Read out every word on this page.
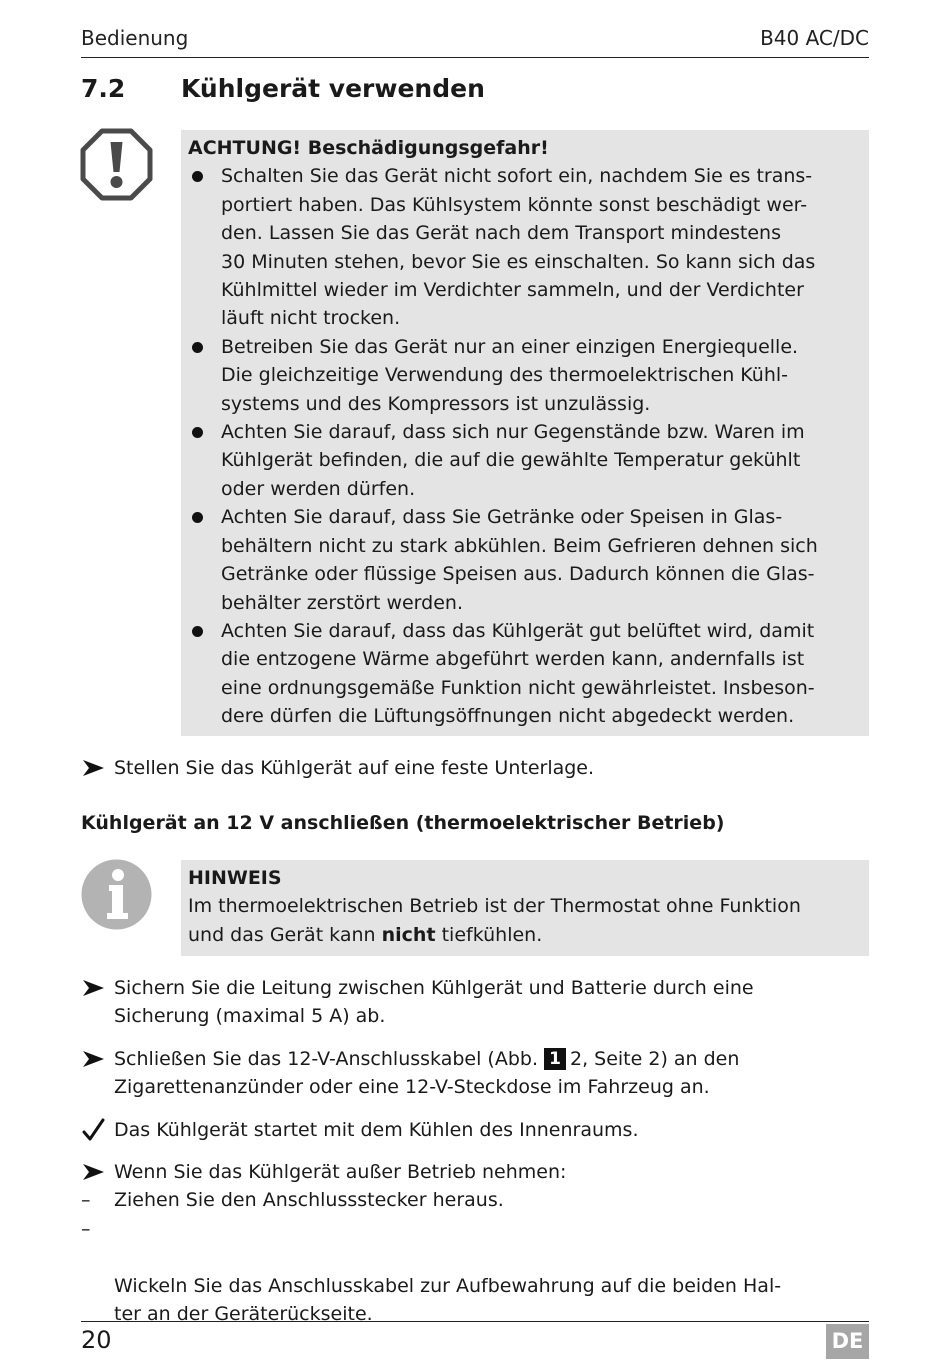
Bedienung	B40 AC/DC
7.2 Kühlgerät verwenden
ACHTUNG! Beschädigungsgefahr!
Schalten Sie das Gerät nicht sofort ein, nachdem Sie es trans-
portiert haben. Das Kühlsystem könnte sonst beschädigt wer-
den. Lassen Sie das Gerät nach dem Transport mindestens
30 Minuten stehen, bevor Sie es einschalten. So kann sich das
Kühlmittel wieder im Verdichter sammeln, und der Verdichter
läuft nicht trocken.
Betreiben Sie das Gerät nur an einer einzigen Energiequelle.
Die gleichzeitige Verwendung des thermoelektrischen Kühl-
systems und des Kompressors ist unzulässig.
Achten Sie darauf, dass sich nur Gegenstände bzw. Waren im
Kühlgerät befinden, die auf die gewählte Temperatur gekühlt
oder werden dürfen.
Achten Sie darauf, dass Sie Getränke oder Speisen in Glas-
behältern nicht zu stark abkühlen. Beim Gefrieren dehnen sich
Getränke oder flüssige Speisen aus. Dadurch können die Glas-
behälter zerstört werden.
Achten Sie darauf, dass das Kühlgerät gut belüftet wird, damit
die entzogene Wärme abgeführt werden kann, andernfalls ist
eine ordnungsgemäße Funktion nicht gewährleistet. Insbeson-
dere dürfen die Lüftungsöffnungen nicht abgedeckt werden.
Stellen Sie das Kühlgerät auf eine feste Unterlage.
Kühlgerät an 12 V anschließen (thermoelektrischer Betrieb)
HINWEIS
Im thermoelektrischen Betrieb ist der Thermostat ohne Funktion
und das Gerät kann nicht tiefkühlen.
Sichern Sie die Leitung zwischen Kühlgerät und Batterie durch eine
Sicherung (maximal 5 A) ab.
Schließen Sie das 12-V-Anschlusskabel (Abb. 1 2, Seite 2) an den
Zigarettenanzünder oder eine 12-V-Steckdose im Fahrzeug an.
Das Kühlgerät startet mit dem Kühlen des Innenraums.
Wenn Sie das Kühlgerät außer Betrieb nehmen:
– Ziehen Sie den Anschlussstecker heraus.

–

Wickeln Sie das Anschlusskabel zur Aufbewahrung auf die beiden Hal-
ter an der Geräterückseite.

20	DE
